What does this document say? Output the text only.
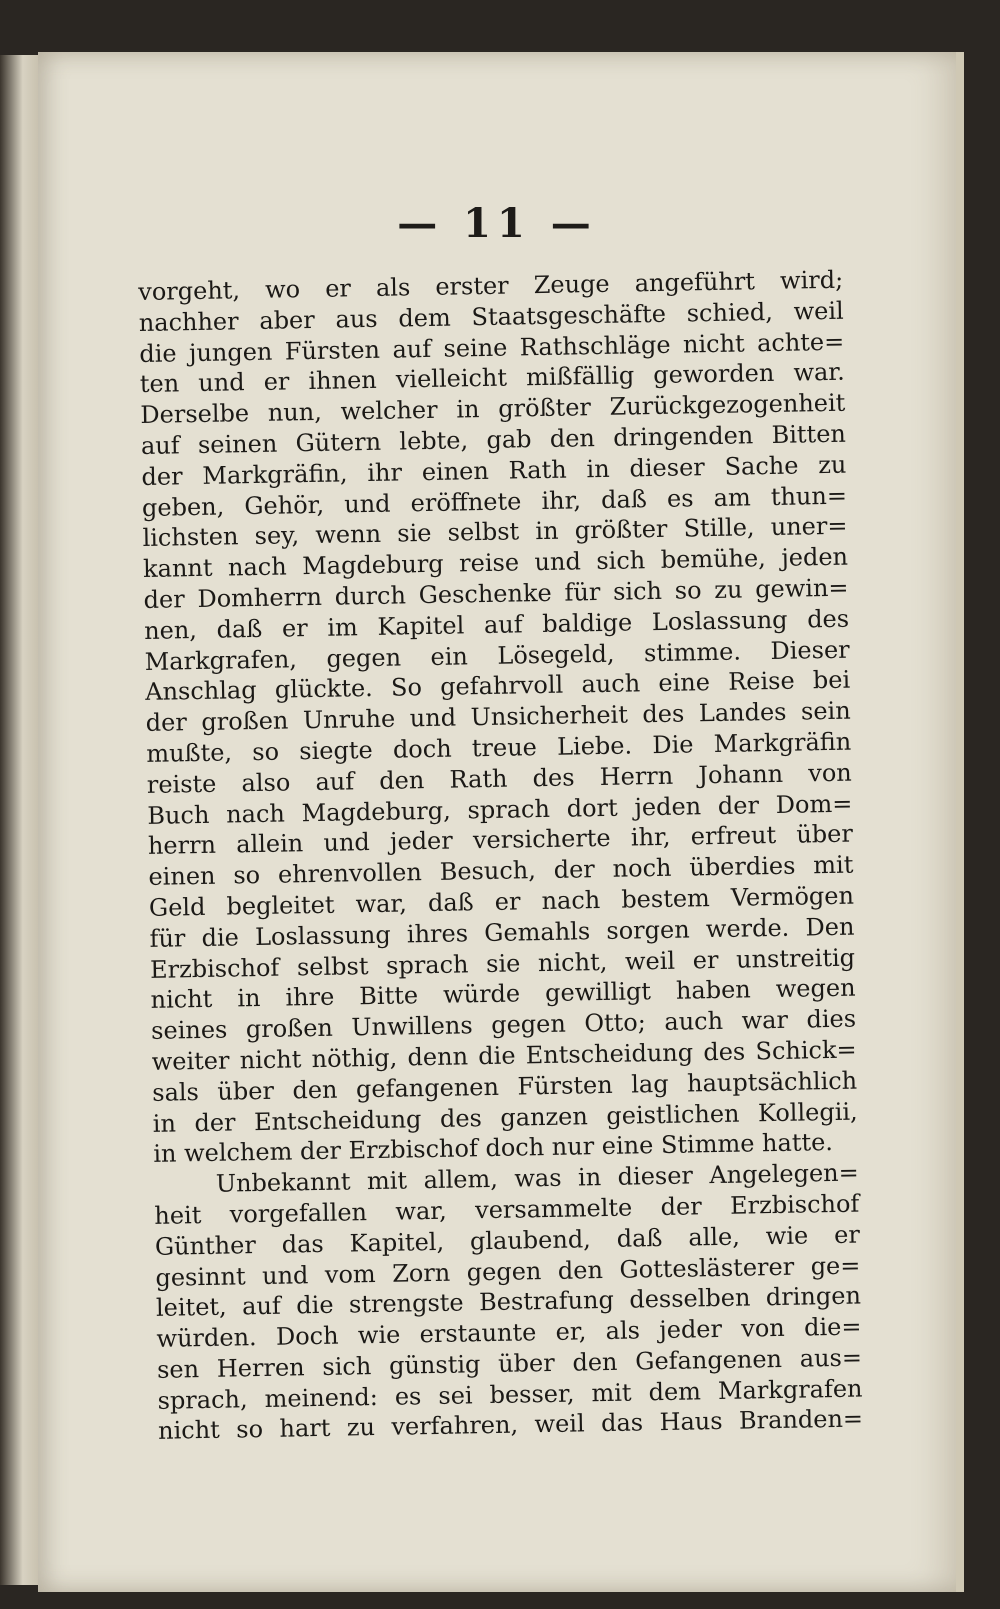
— 11 —
vorgeht, wo er als erster Zeuge angeführt wird;
nachher aber aus dem Staatsgeschäfte schied, weil
die jungen Fürsten auf seine Rathschläge nicht achte=
ten und er ihnen vielleicht mißfällig geworden war.
Derselbe nun, welcher in größter Zurückgezogenheit
auf seinen Gütern lebte, gab den dringenden Bitten
der Markgräfin, ihr einen Rath in dieser Sache zu
geben, Gehör, und eröffnete ihr, daß es am thun=
lichsten sey, wenn sie selbst in größter Stille, uner=
kannt nach Magdeburg reise und sich bemühe, jeden
der Domherrn durch Geschenke für sich so zu gewin=
nen, daß er im Kapitel auf baldige Loslassung des
Markgrafen, gegen ein Lösegeld, stimme. Dieser
Anschlag glückte. So gefahrvoll auch eine Reise bei
der großen Unruhe und Unsicherheit des Landes sein
mußte, so siegte doch treue Liebe. Die Markgräfin
reiste also auf den Rath des Herrn Johann von
Buch nach Magdeburg, sprach dort jeden der Dom=
herrn allein und jeder versicherte ihr, erfreut über
einen so ehrenvollen Besuch, der noch überdies mit
Geld begleitet war, daß er nach bestem Vermögen
für die Loslassung ihres Gemahls sorgen werde. Den
Erzbischof selbst sprach sie nicht, weil er unstreitig
nicht in ihre Bitte würde gewilligt haben wegen
seines großen Unwillens gegen Otto; auch war dies
weiter nicht nöthig, denn die Entscheidung des Schick=
sals über den gefangenen Fürsten lag hauptsächlich
in der Entscheidung des ganzen geistlichen Kollegii,
in welchem der Erzbischof doch nur eine Stimme hatte.
Unbekannt mit allem, was in dieser Angelegen=
heit vorgefallen war, versammelte der Erzbischof
Günther das Kapitel, glaubend, daß alle, wie er
gesinnt und vom Zorn gegen den Gotteslästerer ge=
leitet, auf die strengste Bestrafung desselben dringen
würden. Doch wie erstaunte er, als jeder von die=
sen Herren sich günstig über den Gefangenen aus=
sprach, meinend: es sei besser, mit dem Markgrafen
nicht so hart zu verfahren, weil das Haus Branden=
